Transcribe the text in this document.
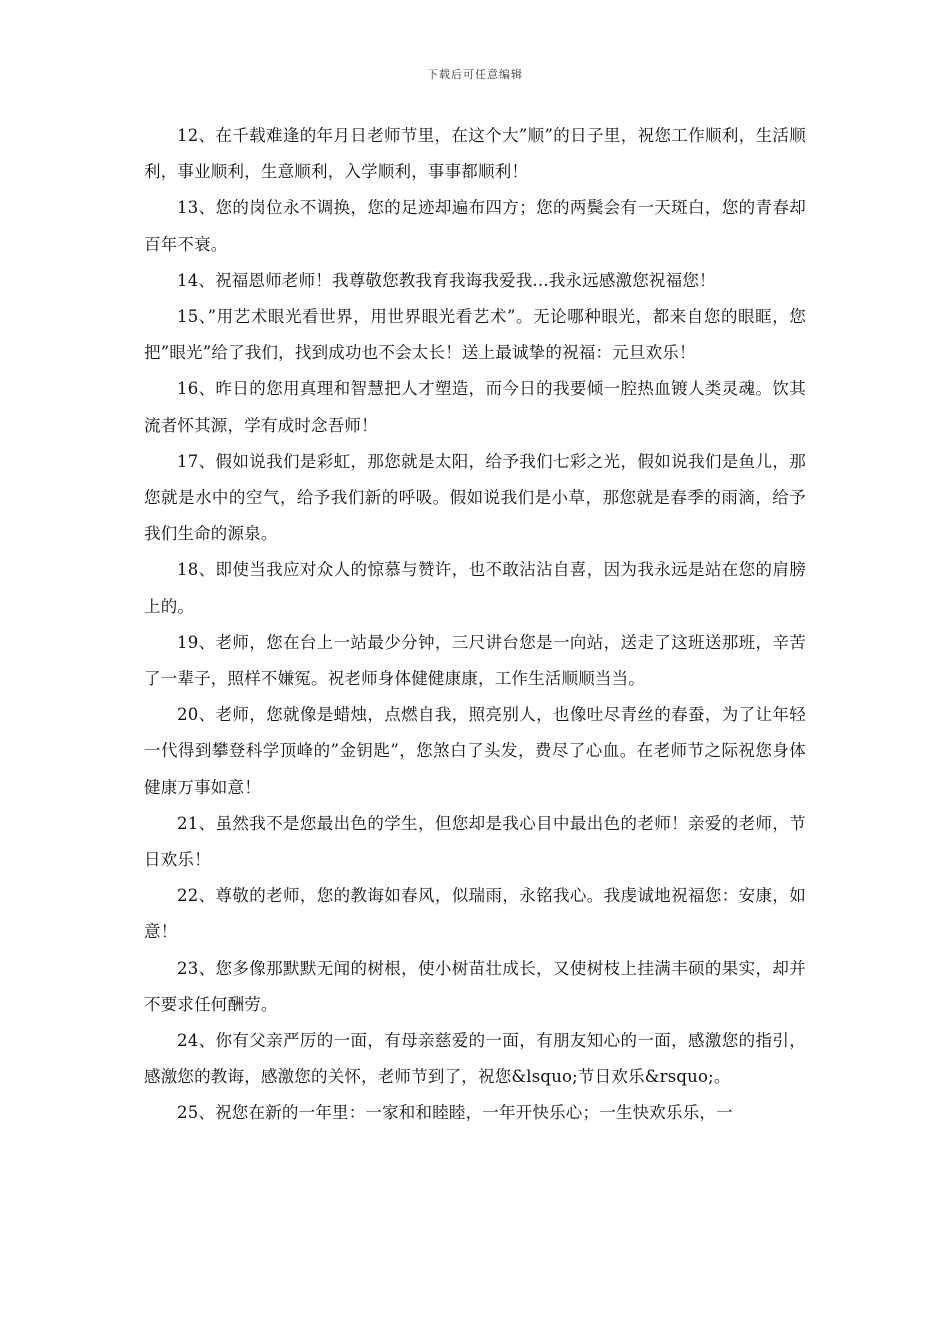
下载后可任意编辑

12、在千载难逢的年月日老师节里，在这个大”顺”的日子里，祝您工作顺利，生活顺利，事业顺利，生意顺利，入学顺利，事事都顺利！

13、您的岗位永不调换，您的足迹却遍布四方；您的两鬓会有一天斑白，您的青春却百年不衰。

14、祝福恩师老师！我尊敬您教我育我诲我爱我...我永远感激您祝福您！

15、”用艺术眼光看世界，用世界眼光看艺术”。无论哪种眼光，都来自您的眼眶，您把”眼光”给了我们，找到成功也不会太长！送上最诚挚的祝福：元旦欢乐！

16、昨日的您用真理和智慧把人才塑造，而今日的我要倾一腔热血镀人类灵魂。饮其流者怀其源，学有成时念吾师！

17、假如说我们是彩虹，那您就是太阳，给予我们七彩之光，假如说我们是鱼儿，那您就是水中的空气，给予我们新的呼吸。假如说我们是小草，那您就是春季的雨滴，给予我们生命的源泉。

18、即使当我应对众人的惊慕与赞许，也不敢沾沾自喜，因为我永远是站在您的肩膀上的。

19、老师，您在台上一站最少分钟，三尺讲台您是一向站，送走了这班送那班，辛苦了一辈子，照样不嫌冤。祝老师身体健健康康，工作生活顺顺当当。

20、老师，您就像是蜡烛，点燃自我，照亮别人，也像吐尽青丝的春蚕，为了让年轻一代得到攀登科学顶峰的”金钥匙”，您煞白了头发，费尽了心血。在老师节之际祝您身体健康万事如意！

21、虽然我不是您最出色的学生，但您却是我心目中最出色的老师！亲爱的老师，节日欢乐！

22、尊敬的老师，您的教诲如春风，似瑞雨，永铭我心。我虔诚地祝福您：安康，如意！

23、您多像那默默无闻的树根，使小树苗壮成长，又使树枝上挂满丰硕的果实，却并不要求任何酬劳。

24、你有父亲严厉的一面，有母亲慈爱的一面，有朋友知心的一面，感激您的指引，感激您的教诲，感激您的关怀，老师节到了，祝您&lsquo;节日欢乐&rsquo;。

25、祝您在新的一年里：一家和和睦睦，一年开快乐心；一生快欢乐乐，一
